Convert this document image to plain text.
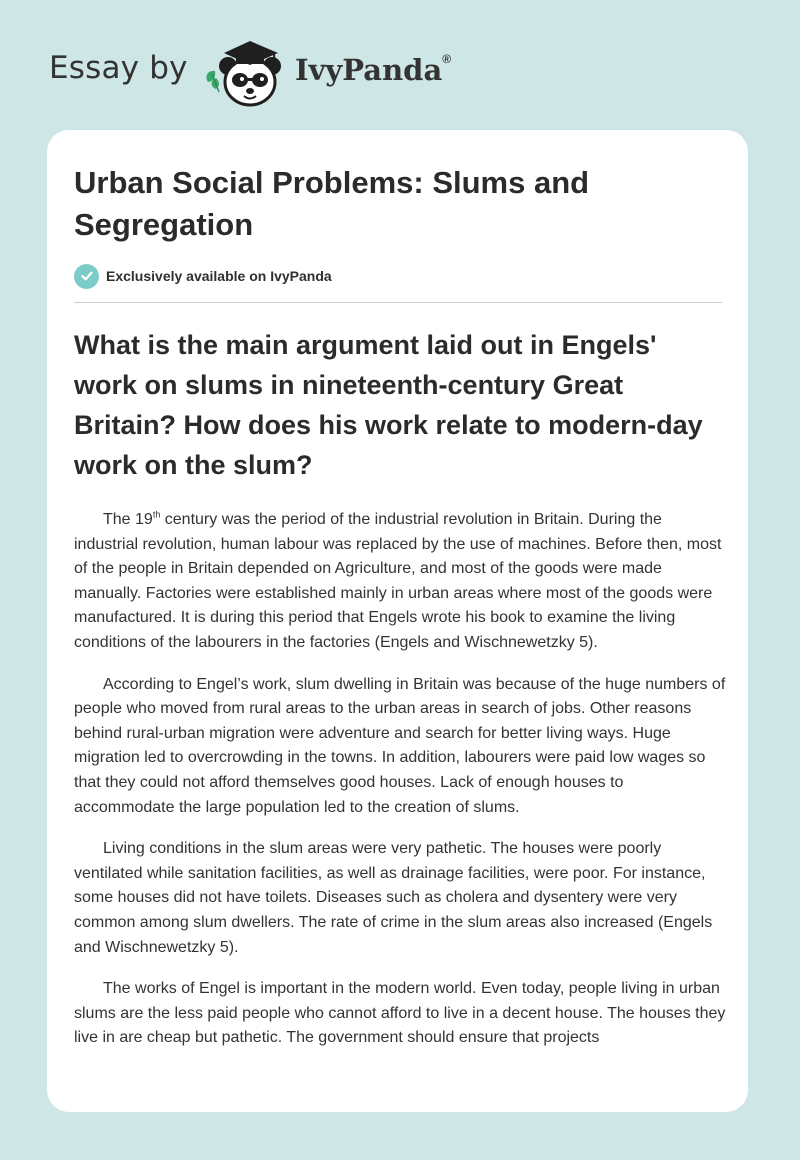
Essay by	IvyPanda®
Urban Social Problems: Slums and Segregation
Exclusively available on IvyPanda
What is the main argument laid out in Engels' work on slums in nineteenth-century Great Britain? How does his work relate to modern-day work on the slum?

The 19th century was the period of the industrial revolution in Britain. During the industrial revolution, human labour was replaced by the use of machines. Before then, most of the people in Britain depended on Agriculture, and most of the goods were made manually. Factories were established mainly in urban areas where most of the goods were manufactured. It is during this period that Engels wrote his book to examine the living conditions of the labourers in the factories (Engels and Wischnewetzky 5).

According to Engel’s work, slum dwelling in Britain was because of the huge numbers of people who moved from rural areas to the urban areas in search of jobs. Other reasons behind rural-urban migration were adventure and search for better living ways. Huge migration led to overcrowding in the towns. In addition, labourers were paid low wages so that they could not afford themselves good houses. Lack of enough houses to accommodate the large population led to the creation of slums.

Living conditions in the slum areas were very pathetic. The houses were poorly ventilated while sanitation facilities, as well as drainage facilities, were poor. For instance, some houses did not have toilets. Diseases such as cholera and dysentery were very common among slum dwellers. The rate of crime in the slum areas also increased (Engels and Wischnewetzky 5).

The works of Engel is important in the modern world. Even today, people living in urban slums are the less paid people who cannot afford to live in a decent house. The houses they live in are cheap but pathetic. The government should ensure that projects
